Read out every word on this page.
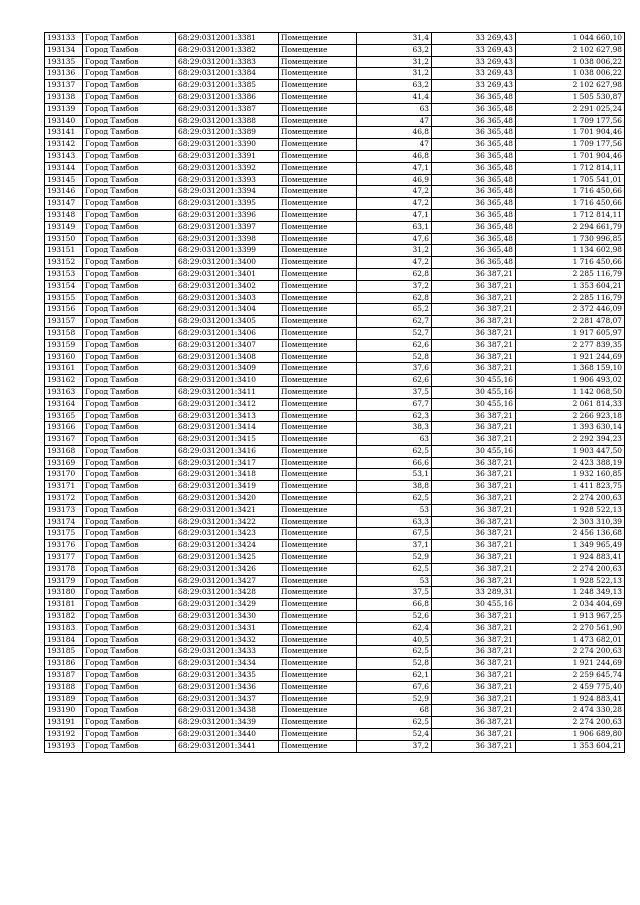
193133	Город Тамбов	68:29:0312001:3381	Помещение	31,4	33 269,43	1 044 660,10
193134	Город Тамбов	68:29:0312001:3382	Помещение	63,2	33 269,43	2 102 627,98
193135	Город Тамбов	68:29:0312001:3383	Помещение	31,2	33 269,43	1 038 006,22
193136	Город Тамбов	68:29:0312001:3384	Помещение	31,2	33 269,43	1 038 006,22
193137	Город Тамбов	68:29:0312001:3385	Помещение	63,2	33 269,43	2 102 627,98
193138	Город Тамбов	68:29:0312001:3386	Помещение	41,4	36 365,48	1 505 530,87
193139	Город Тамбов	68:29:0312001:3387	Помещение	63	36 365,48	2 291 025,24
193140	Город Тамбов	68:29:0312001:3388	Помещение	47	36 365,48	1 709 177,56
193141	Город Тамбов	68:29:0312001:3389	Помещение	46,8	36 365,48	1 701 904,46
193142	Город Тамбов	68:29:0312001:3390	Помещение	47	36 365,48	1 709 177,56
193143	Город Тамбов	68:29:0312001:3391	Помещение	46,8	36 365,48	1 701 904,46
193144	Город Тамбов	68:29:0312001:3392	Помещение	47,1	36 365,48	1 712 814,11
193145	Город Тамбов	68:29:0312001:3393	Помещение	46,9	36 365,48	1 705 541,01
193146	Город Тамбов	68:29:0312001:3394	Помещение	47,2	36 365,48	1 716 450,66
193147	Город Тамбов	68:29:0312001:3395	Помещение	47,2	36 365,48	1 716 450,66
193148	Город Тамбов	68:29:0312001:3396	Помещение	47,1	36 365,48	1 712 814,11
193149	Город Тамбов	68:29:0312001:3397	Помещение	63,1	36 365,48	2 294 661,79
193150	Город Тамбов	68:29:0312001:3398	Помещение	47,6	36 365,48	1 730 996,85
193151	Город Тамбов	68:29:0312001:3399	Помещение	31,2	36 365,48	1 134 602,98
193152	Город Тамбов	68:29:0312001:3400	Помещение	47,2	36 365,48	1 716 450,66
193153	Город Тамбов	68:29:0312001:3401	Помещение	62,8	36 387,21	2 285 116,79
193154	Город Тамбов	68:29:0312001:3402	Помещение	37,2	36 387,21	1 353 604,21
193155	Город Тамбов	68:29:0312001:3403	Помещение	62,8	36 387,21	2 285 116,79
193156	Город Тамбов	68:29:0312001:3404	Помещение	65,2	36 387,21	2 372 446,09
193157	Город Тамбов	68:29:0312001:3405	Помещение	62,7	36 387,21	2 281 478,07
193158	Город Тамбов	68:29:0312001:3406	Помещение	52,7	36 387,21	1 917 605,97
193159	Город Тамбов	68:29:0312001:3407	Помещение	62,6	36 387,21	2 277 839,35
193160	Город Тамбов	68:29:0312001:3408	Помещение	52,8	36 387,21	1 921 244,69
193161	Город Тамбов	68:29:0312001:3409	Помещение	37,6	36 387,21	1 368 159,10
193162	Город Тамбов	68:29:0312001:3410	Помещение	62,6	30 455,16	1 906 493,02
193163	Город Тамбов	68:29:0312001:3411	Помещение	37,5	30 455,16	1 142 068,50
193164	Город Тамбов	68:29:0312001:3412	Помещение	67,7	30 455,16	2 061 814,33
193165	Город Тамбов	68:29:0312001:3413	Помещение	62,3	36 387,21	2 266 923,18
193166	Город Тамбов	68:29:0312001:3414	Помещение	38,3	36 387,21	1 393 630,14
193167	Город Тамбов	68:29:0312001:3415	Помещение	63	36 387,21	2 292 394,23
193168	Город Тамбов	68:29:0312001:3416	Помещение	62,5	30 455,16	1 903 447,50
193169	Город Тамбов	68:29:0312001:3417	Помещение	66,6	36 387,21	2 423 388,19
193170	Город Тамбов	68:29:0312001:3418	Помещение	53,1	36 387,21	1 932 160,85
193171	Город Тамбов	68:29:0312001:3419	Помещение	38,8	36 387,21	1 411 823,75
193172	Город Тамбов	68:29:0312001:3420	Помещение	62,5	36 387,21	2 274 200,63
193173	Город Тамбов	68:29:0312001:3421	Помещение	53	36 387,21	1 928 522,13
193174	Город Тамбов	68:29:0312001:3422	Помещение	63,3	36 387,21	2 303 310,39
193175	Город Тамбов	68:29:0312001:3423	Помещение	67,5	36 387,21	2 456 136,68
193176	Город Тамбов	68:29:0312001:3424	Помещение	37,1	36 387,21	1 349 965,49
193177	Город Тамбов	68:29:0312001:3425	Помещение	52,9	36 387,21	1 924 883,41
193178	Город Тамбов	68:29:0312001:3426	Помещение	62,5	36 387,21	2 274 200,63
193179	Город Тамбов	68:29:0312001:3427	Помещение	53	36 387,21	1 928 522,13
193180	Город Тамбов	68:29:0312001:3428	Помещение	37,5	33 289,31	1 248 349,13
193181	Город Тамбов	68:29:0312001:3429	Помещение	66,8	30 455,16	2 034 404,69
193182	Город Тамбов	68:29:0312001:3430	Помещение	52,6	36 387,21	1 913 967,25
193183	Город Тамбов	68:29:0312001:3431	Помещение	62,4	36 387,21	2 270 561,90
193184	Город Тамбов	68:29:0312001:3432	Помещение	40,5	36 387,21	1 473 682,01
193185	Город Тамбов	68:29:0312001:3433	Помещение	62,5	36 387,21	2 274 200,63
193186	Город Тамбов	68:29:0312001:3434	Помещение	52,8	36 387,21	1 921 244,69
193187	Город Тамбов	68:29:0312001:3435	Помещение	62,1	36 387,21	2 259 645,74
193188	Город Тамбов	68:29:0312001:3436	Помещение	67,6	36 387,21	2 459 775,40
193189	Город Тамбов	68:29:0312001:3437	Помещение	52,9	36 387,21	1 924 883,41
193190	Город Тамбов	68:29:0312001:3438	Помещение	68	36 387,21	2 474 330,28
193191	Город Тамбов	68:29:0312001:3439	Помещение	62,5	36 387,21	2 274 200,63
193192	Город Тамбов	68:29:0312001:3440	Помещение	52,4	36 387,21	1 906 689,80
193193	Город Тамбов	68:29:0312001:3441	Помещение	37,2	36 387,21	1 353 604,21
